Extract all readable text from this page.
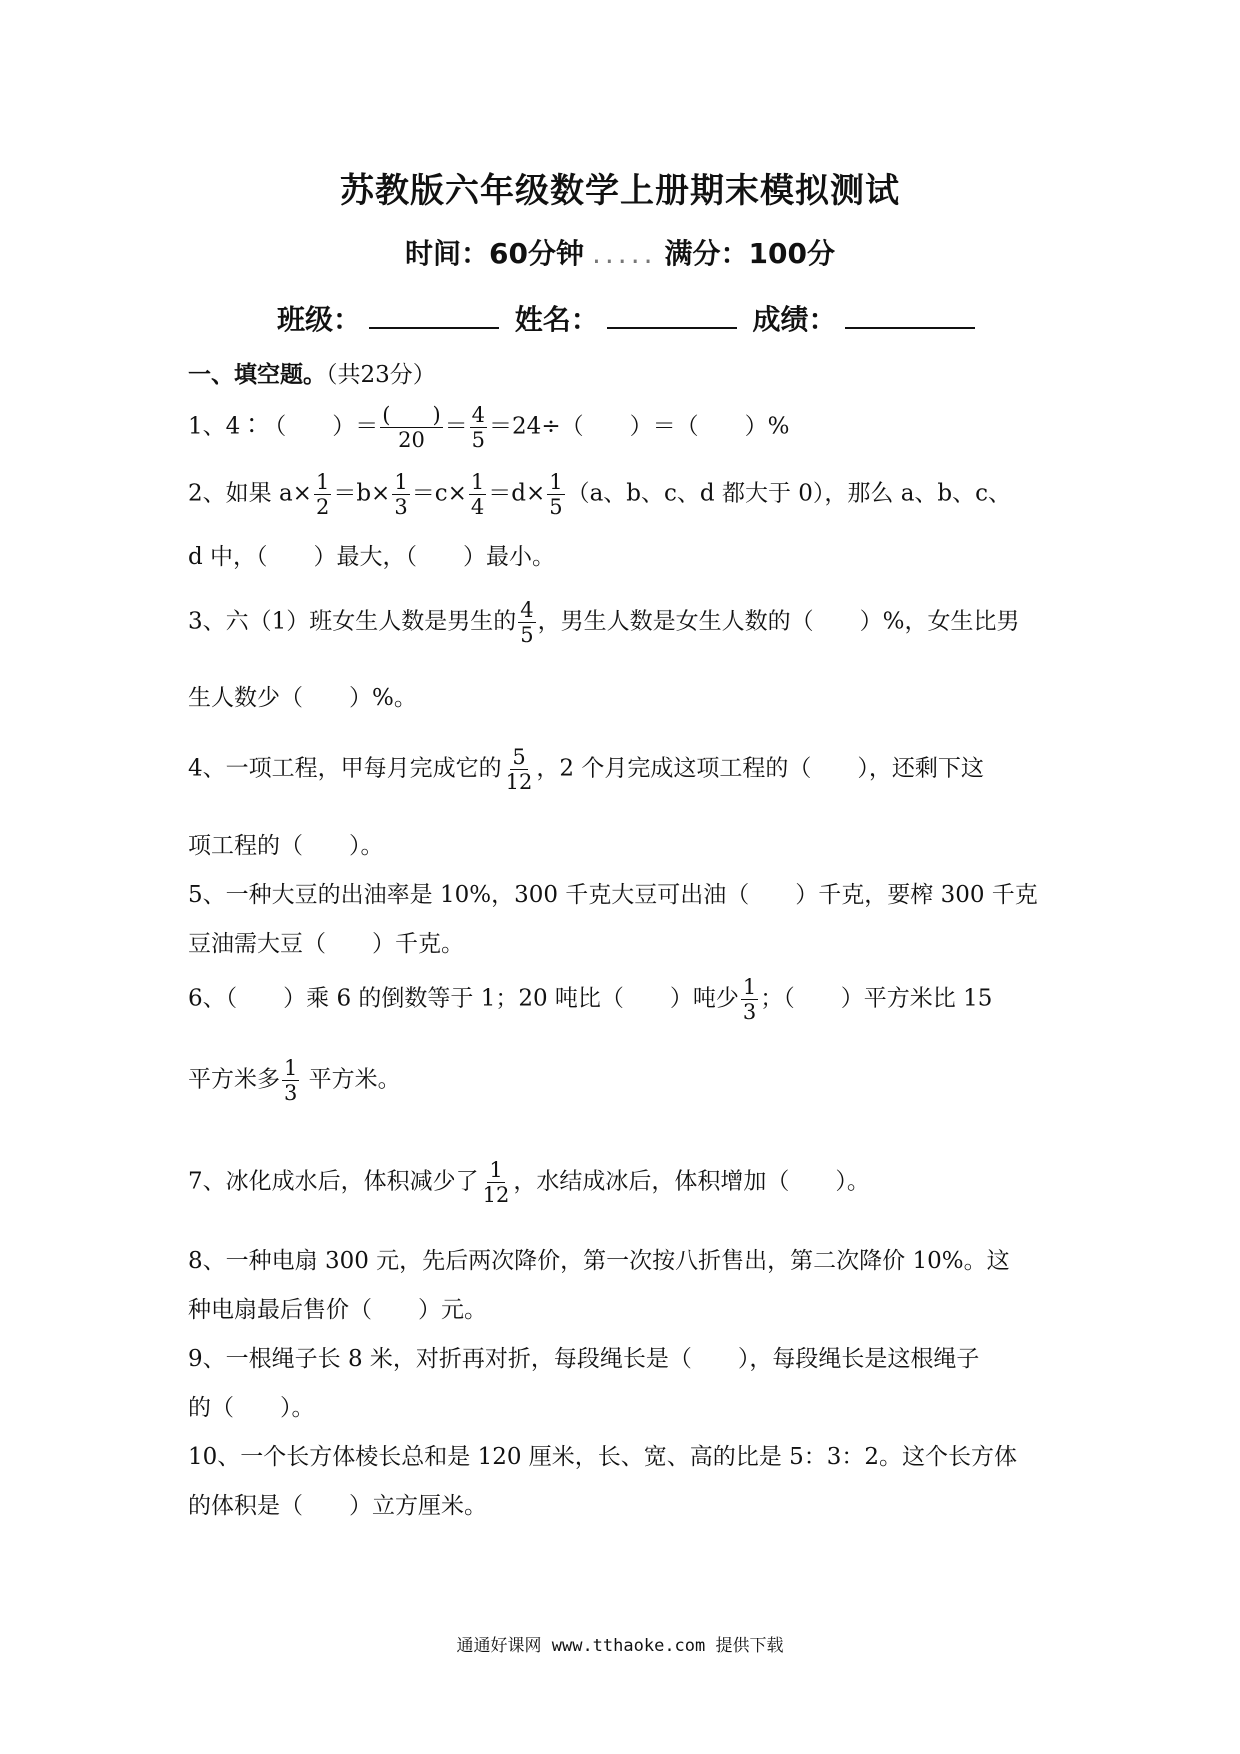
苏教版六年级数学上册期末模拟测试
时间：60分钟 ..... 满分：100分
班级：	姓名：	成绩：
一、填空题。（共23分）
1、4∶（　　）＝ $\frac{( )}{20} = \frac{4}{5} =24\div$（　　）＝（　　）%
2、如果 $a\times \frac{1}{2} =b\times \frac{1}{3} =c\times \frac{1}{4} =d\times \frac{1}{5} (a$、b、c、d 都大于 0），那么 a、b、c、
d 中，（　　）最大，（　　）最小。
3、六（1）班女生人数是男生的 $\frac{4}{5}$ ，男生人数是女生人数的（　　）%，女生比男
生人数少（　　）%。
4、一项工程，甲每月完成它的 $\frac{5}{12}$ ，2 个月完成这项工程的（　　），还剩下这
项工程的（　　）。
5、一种大豆的出油率是 10%，300 千克大豆可出油（　　）千克，要榨 300 千克
豆油需大豆（　　）千克。
6、（　　）乘 6 的倒数等于 1；20 吨比（　　）吨少 $\frac{1}{3}$ ；（　　）平方米比 15
平方米多 $\frac{1}{3}$ 平方米。
7、冰化成水后，体积减少了 $\frac{1}{12}$ ，水结成冰后，体积增加（　　）。
8、一种电扇 300 元，先后两次降价，第一次按八折售出，第二次降价 10%。这
种电扇最后售价（　　）元。
9、一根绳子长 8 米，对折再对折，每段绳长是（　　），每段绳长是这根绳子
的（　　）。
10、一个长方体棱长总和是 120 厘米，长、宽、高的比是 5：3：2。这个长方体
的体积是（　　）立方厘米。
通通好课网 www.tthaoke.com 提供下载
